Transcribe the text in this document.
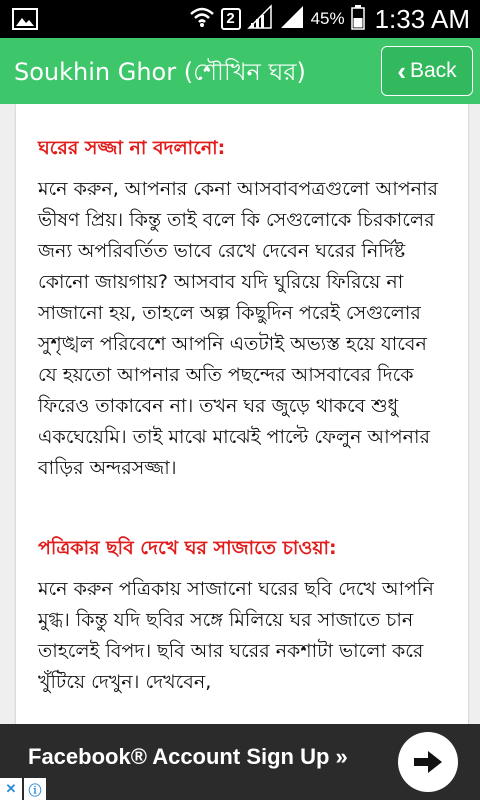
2	45% 1:33 AM
Soukhin Ghor (শৌখিন ঘর)	‹ Back
ঘরের সজ্জা না বদলানো:
মনে করুন, আপনার কেনা আসবাবপত্রগুলো আপনার ভীষণ প্রিয়। কিন্তু তাই বলে কি সেগুলোকে চিরকালের জন্য অপরিবর্তিত ভাবে রেখে দেবেন ঘরের নির্দিষ্ট কোনো জায়গায়? আসবাব যদি ঘুরিয়ে ফিরিয়ে না সাজানো হয়, তাহলে অল্প কিছুদিন পরেই সেগুলোর সুশৃঙ্খল পরিবেশে আপনি এতটাই অভ্যস্ত হয়ে যাবেন যে হয়তো আপনার অতি পছন্দের আসবাবের দিকে ফিরেও তাকাবেন না। তখন ঘর জুড়ে থাকবে শুধু একঘেয়েমি। তাই মাঝে মাঝেই পাল্টে ফেলুন আপনার বাড়ির অন্দরসজ্জা।
পত্রিকার ছবি দেখে ঘর সাজাতে চাওয়া:
মনে করুন পত্রিকায় সাজানো ঘরের ছবি দেখে আপনি মুগ্ধ। কিন্তু যদি ছবির সঙ্গে মিলিয়ে ঘর সাজাতে চান তাহলেই বিপদ। ছবি আর ঘরের নকশাটা ভালো করে খুঁটিয়ে দেখুন। দেখবেন,
Facebook® Account Sign Up »
✕ ⓘ
